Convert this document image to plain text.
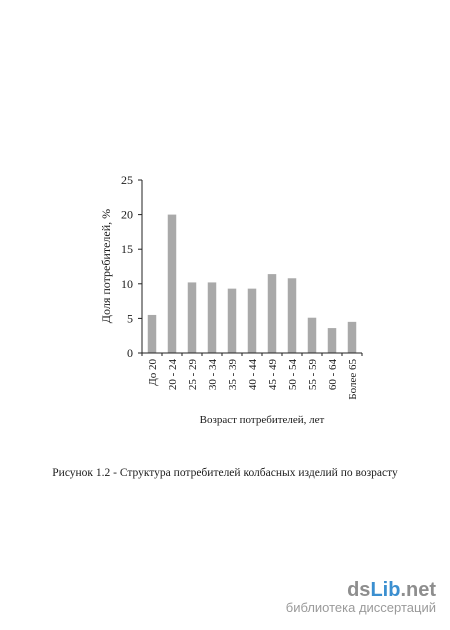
0
5
10
15
20
25
До 20 20 - 24 25 - 29 30 - 34 35 - 39 40 - 44 45 - 49 50 - 54 55 - 59 60 - 64 Более 65
Доля потребителей, %
Возраст потребителей, лет
Рисунок 1.2 - Структура потребителей колбасных изделий по возрасту
dsLib.net
библиотека диссертаций
